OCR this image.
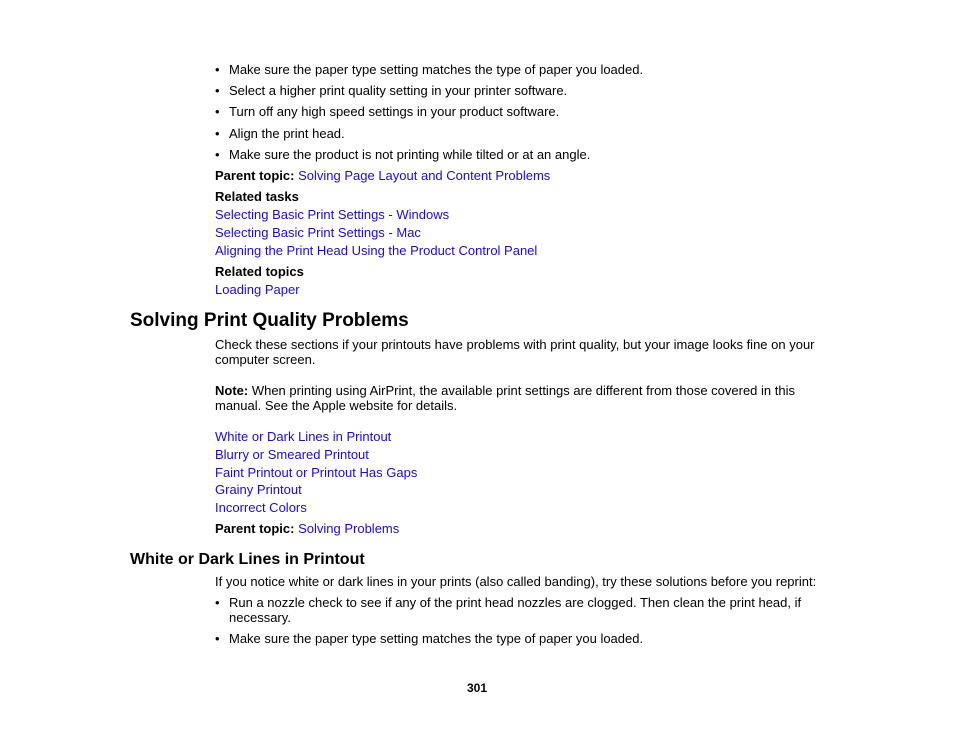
• Make sure the paper type setting matches the type of paper you loaded.
• Select a higher print quality setting in your printer software.
• Turn off any high speed settings in your product software.
• Align the print head.
• Make sure the product is not printing while tilted or at an angle.
Parent topic: Solving Page Layout and Content Problems
Related tasks
Selecting Basic Print Settings - Windows
Selecting Basic Print Settings - Mac
Aligning the Print Head Using the Product Control Panel
Related topics
Loading Paper
Solving Print Quality Problems
Check these sections if your printouts have problems with print quality, but your image looks fine on your
computer screen.
Note: When printing using AirPrint, the available print settings are different from those covered in this
manual. See the Apple website for details.
White or Dark Lines in Printout
Blurry or Smeared Printout
Faint Printout or Printout Has Gaps
Grainy Printout
Incorrect Colors
Parent topic: Solving Problems
White or Dark Lines in Printout
If you notice white or dark lines in your prints (also called banding), try these solutions before you reprint:
• Run a nozzle check to see if any of the print head nozzles are clogged. Then clean the print head, if
necessary.
• Make sure the paper type setting matches the type of paper you loaded.
301
